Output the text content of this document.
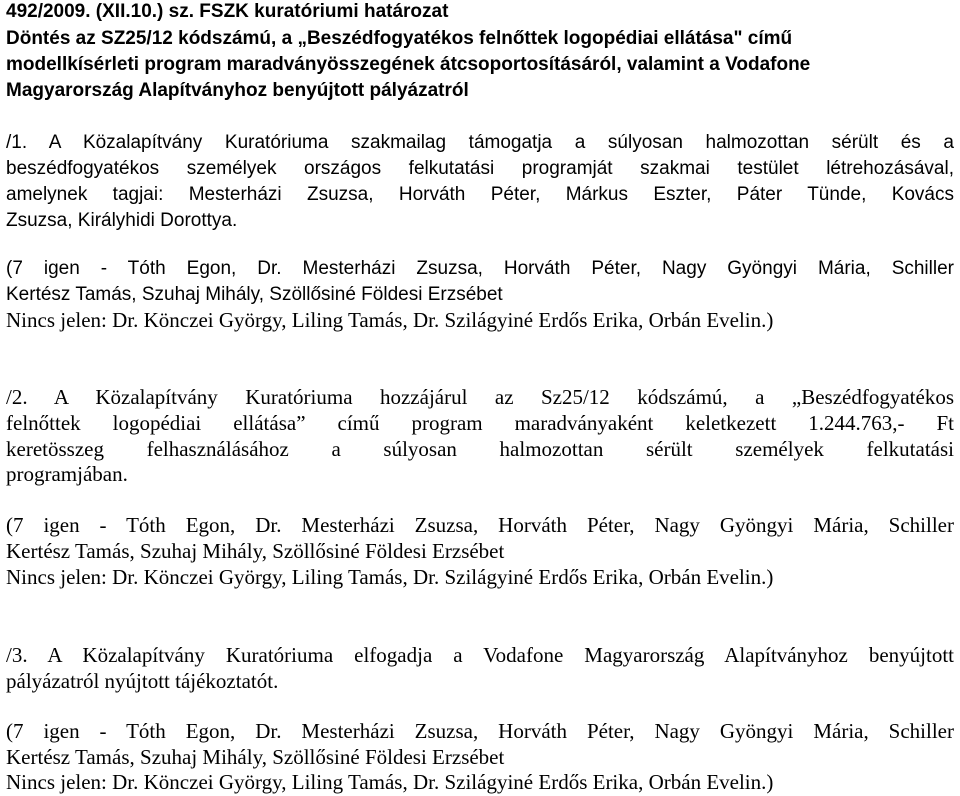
492/2009. (XII.10.) sz. FSZK kuratóriumi határozat
Döntés az SZ25/12 kódszámú, a „Beszédfogyatékos felnőttek logopédiai ellátása" című
modellkísérleti program maradványösszegének átcsoportosításáról, valamint a Vodafone
Magyarország Alapítványhoz benyújtott pályázatról
/1. A Közalapítvány Kuratóriuma szakmailag támogatja a súlyosan halmozottan sérült és a
beszédfogyatékos személyek országos felkutatási programját szakmai testület létrehozásával,
amelynek tagjai: Mesterházi Zsuzsa, Horváth Péter, Márkus Eszter, Páter Tünde, Kovács
Zsuzsa, Királyhidi Dorottya.
(7 igen - Tóth Egon, Dr. Mesterházi Zsuzsa, Horváth Péter, Nagy Gyöngyi Mária, Schiller
Kertész Tamás, Szuhaj Mihály, Szöllősiné Földesi Erzsébet
Nincs jelen: Dr. Könczei György, Liling Tamás, Dr. Szilágyiné Erdős Erika, Orbán Evelin.)
/2. A Közalapítvány Kuratóriuma hozzájárul az Sz25/12 kódszámú, a „Beszédfogyatékos
felnőttek logopédiai ellátása” című program maradványaként keletkezett 1.244.763,- Ft
keretösszeg felhasználásához a súlyosan halmozottan sérült személyek felkutatási
programjában.
(7 igen - Tóth Egon, Dr. Mesterházi Zsuzsa, Horváth Péter, Nagy Gyöngyi Mária, Schiller
Kertész Tamás, Szuhaj Mihály, Szöllősiné Földesi Erzsébet
Nincs jelen: Dr. Könczei György, Liling Tamás, Dr. Szilágyiné Erdős Erika, Orbán Evelin.)
/3. A Közalapítvány Kuratóriuma elfogadja a Vodafone Magyarország Alapítványhoz benyújtott
pályázatról nyújtott tájékoztatót.
(7 igen - Tóth Egon, Dr. Mesterházi Zsuzsa, Horváth Péter, Nagy Gyöngyi Mária, Schiller
Kertész Tamás, Szuhaj Mihály, Szöllősiné Földesi Erzsébet
Nincs jelen: Dr. Könczei György, Liling Tamás, Dr. Szilágyiné Erdős Erika, Orbán Evelin.)
